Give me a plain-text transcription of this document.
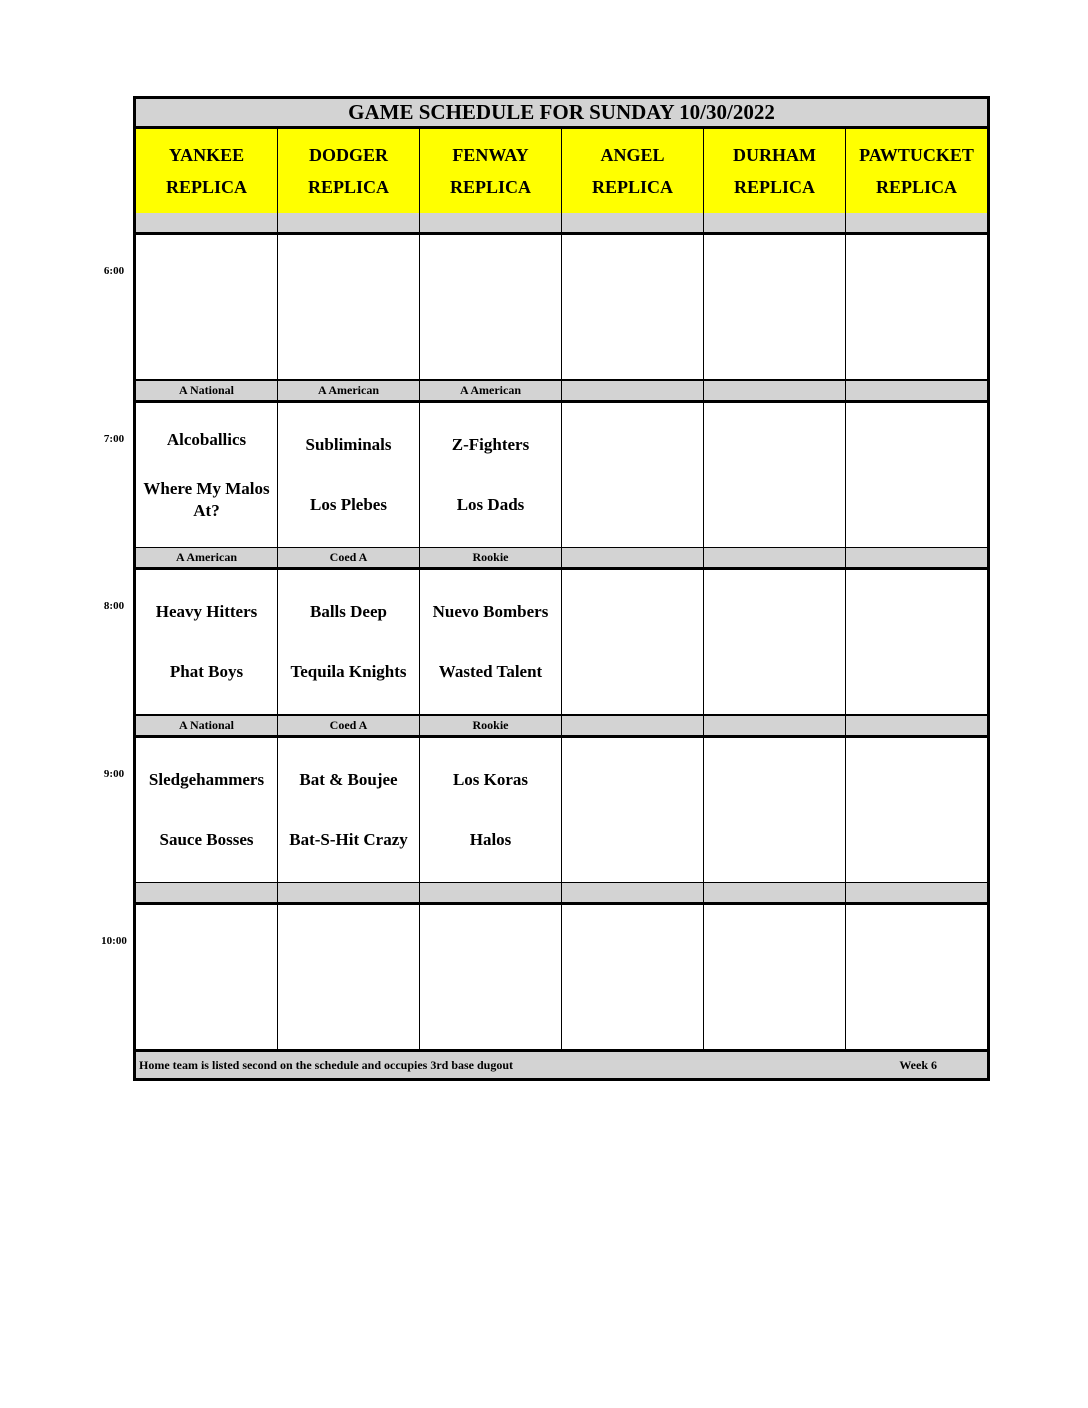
GAME SCHEDULE FOR SUNDAY 10/30/2022
Home team is listed second on the schedule and occupies 3rd base dugout	Week 6
YANKEE
REPLICA
DODGER
REPLICA
FENWAY
REPLICA
ANGEL
REPLICA
DURHAM
REPLICA
PAWTUCKET
REPLICA
A National
Alcoballics
Where My Malos At?
A American
Subliminals
Los Plebes
A American
Z-Fighters
Los Dads
A American
Heavy Hitters
Phat Boys
Coed A
Balls Deep
Tequila Knights
Rookie
Nuevo Bombers
Wasted Talent
A National
Sledgehammers
Sauce Bosses
Coed A
Bat & Boujee
Bat-S-Hit Crazy
Rookie
Los Koras
Halos
6:00
7:00
8:00
9:00
10:00
